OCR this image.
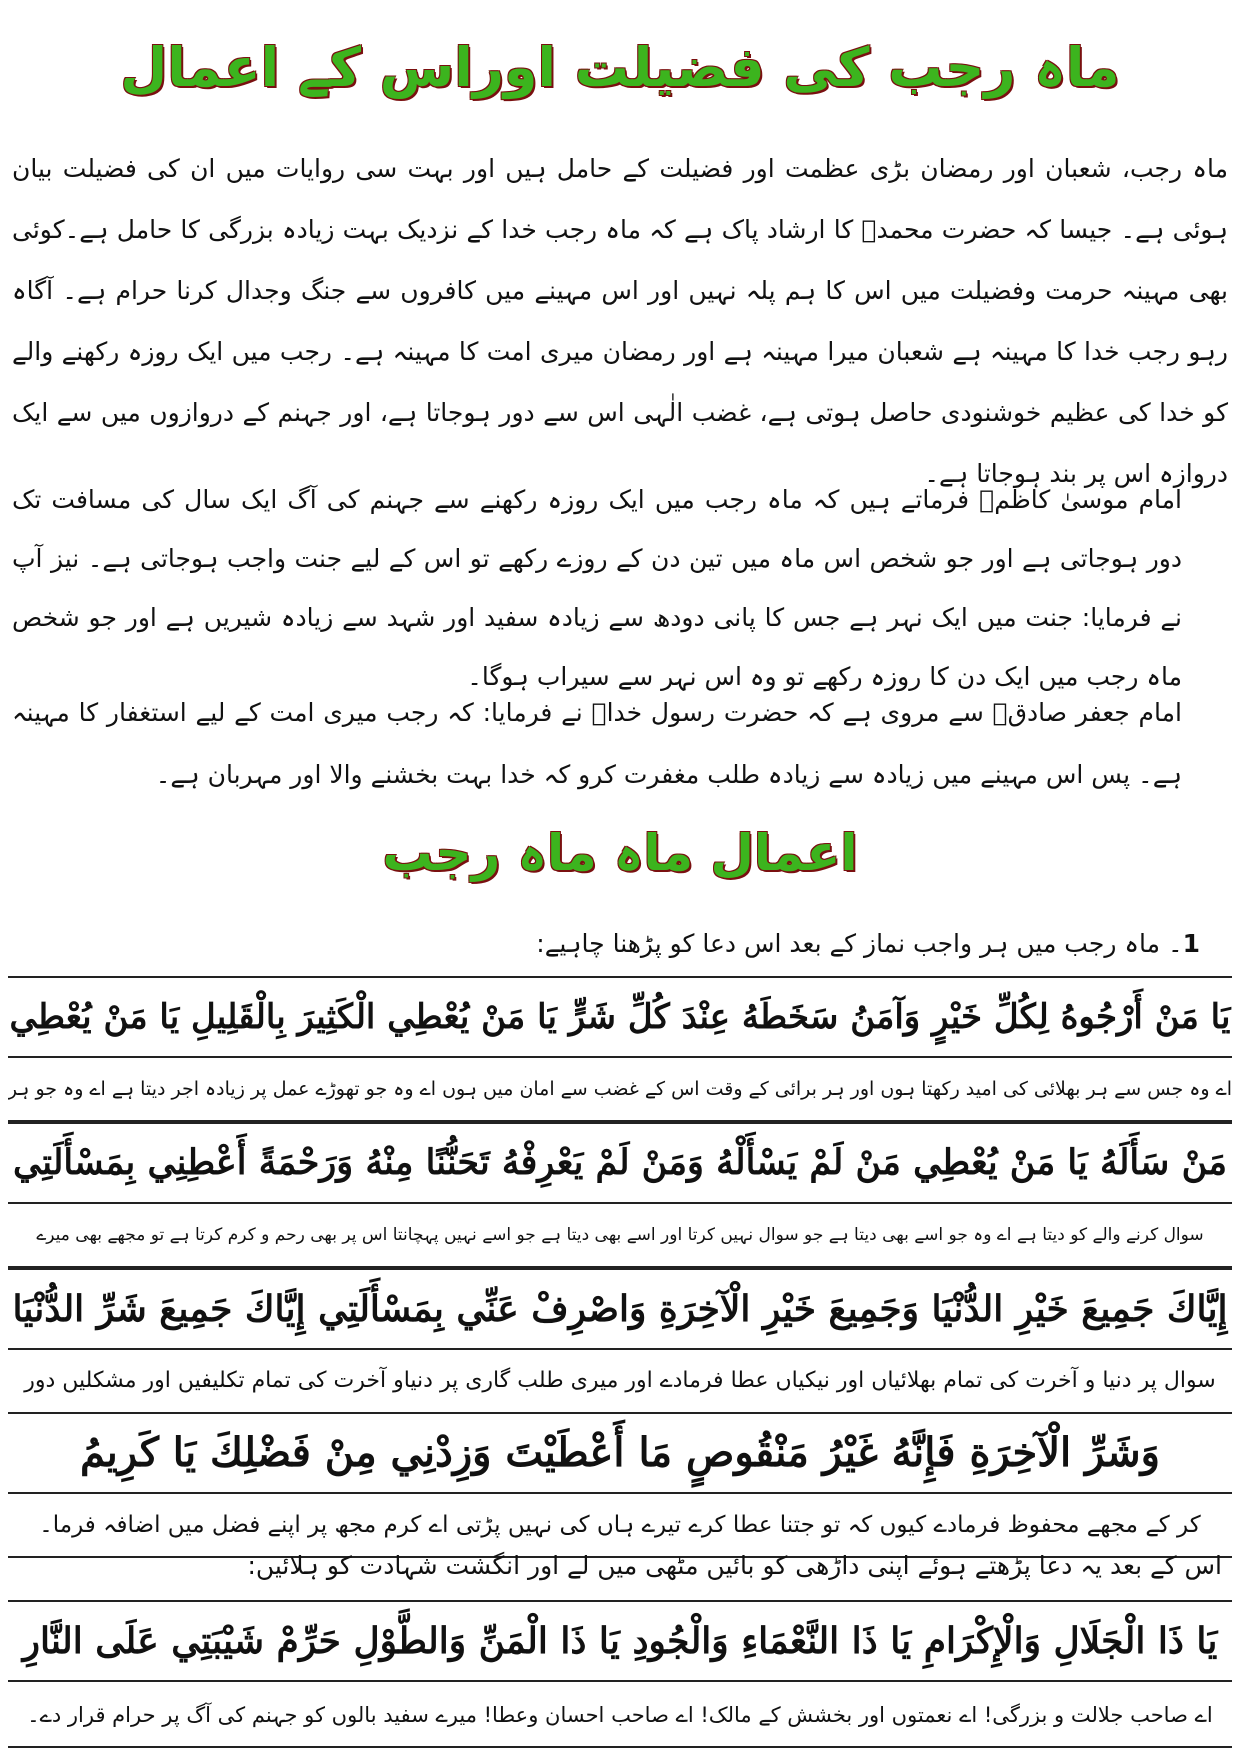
ماہ رجب کی فضیلت اوراس کے اعمال

ماہ رجب، شعبان اور رمضان بڑی عظمت اور فضیلت کے حامل ہیں اور بہت سی روایات میں ان کی فضیلت بیان ہوئی ہے۔ جیسا کہ حضرت محمدؐ کا ارشاد پاک ہے کہ ماہ رجب خدا کے نزدیک بہت زیادہ بزرگی کا حامل ہے۔کوئی بھی مہینہ حرمت وفضیلت میں اس کا ہم پلہ نہیں اور اس مہینے میں کافروں سے جنگ وجدال کرنا حرام ہے۔ آگاہ رہو رجب خدا کا مہینہ ہے شعبان میرا مہینہ ہے اور رمضان میری امت کا مہینہ ہے۔ رجب میں ایک روزہ رکھنے والے کو خدا کی عظیم خوشنودی حاصل ہوتی ہے، غضب الٰہی اس سے دور ہوجاتا ہے، اور جہنم کے دروازوں میں سے ایک دروازہ اس پر بند ہوجاتا ہے۔

امام موسیٰ کاظمؑ فرماتے ہیں کہ ماہ رجب میں ایک روزہ رکھنے سے جہنم کی آگ ایک سال کی مسافت تک دور ہوجاتی ہے اور جو شخص اس ماہ میں تین دن کے روزے رکھے تو اس کے لیے جنت واجب ہوجاتی ہے۔ نیز آپ نے فرمایا: جنت میں ایک نہر ہے جس کا پانی دودھ سے زیادہ سفید اور شہد سے زیادہ شیریں ہے اور جو شخص ماہ رجب میں ایک دن کا روزہ رکھے تو وہ اس نہر سے سیراب ہوگا۔

امام جعفر صادقؑ سے مروی ہے کہ حضرت رسول خداؐ نے فرمایا: کہ رجب میری امت کے لیے استغفار کا مہینہ ہے۔ پس اس مہینے میں زیادہ سے زیادہ طلب مغفرت کرو کہ خدا بہت بخشنے والا اور مہربان ہے۔

اعمال ماہ ماہ رجب
1۔ ماہ رجب میں ہر واجب نماز کے بعد اس دعا کو پڑھنا چاہیے:
يَا مَنْ أَرْجُوهُ لِكُلِّ خَيْرٍ وَآمَنُ سَخَطَهُ عِنْدَ كُلِّ شَرٍّ يَا مَنْ يُعْطِي الْكَثِيرَ بِالْقَلِيلِ يَا مَنْ يُعْطِي
اے وہ جس سے ہر بھلائی کی امید رکھتا ہوں اور ہر برائی کے وقت اس کے غضب سے امان میں ہوں اے وہ جو تھوڑے عمل پر زیادہ اجر دیتا ہے اے وہ جو ہر
مَنْ سَأَلَهُ يَا مَنْ يُعْطِي مَنْ لَمْ يَسْأَلْهُ وَمَنْ لَمْ يَعْرِفْهُ تَحَنُّنًا مِنْهُ وَرَحْمَةً أَعْطِنِي بِمَسْأَلَتِي
سوال کرنے والے کو دیتا ہے اے وہ جو اسے بھی دیتا ہے جو سوال نہیں کرتا اور اسے بھی دیتا ہے جو اسے نہیں پہچانتا اس پر بھی رحم و کرم کرتا ہے تو مجھے بھی میرے
إِيَّاكَ جَمِيعَ خَيْرِ الدُّنْيَا وَجَمِيعَ خَيْرِ الْآخِرَةِ وَاصْرِفْ عَنِّي بِمَسْأَلَتِي إِيَّاكَ جَمِيعَ شَرِّ الدُّنْيَا
سوال پر دنیا و آخرت کی تمام بھلائیاں اور نیکیاں عطا فرمادے اور میری طلب گاری پر دنیاو آخرت کی تمام تکلیفیں اور مشکلیں دور
وَشَرِّ الْآخِرَةِ فَإِنَّهُ غَيْرُ مَنْقُوصٍ مَا أَعْطَيْتَ وَزِدْنِي مِنْ فَضْلِكَ يَا كَرِيمُ
کر کے مجھے محفوظ فرمادے کیوں کہ تو جتنا عطا کرے تیرے ہاں کی نہیں پڑتی اے کرم مجھ پر اپنے فضل میں اضافہ فرما۔
اس کے بعد یہ دعا پڑھتے ہوئے اپنی داڑھی کو بائیں مٹھی میں لے اور انگشت شہادت کو ہلائیں:
يَا ذَا الْجَلَالِ وَالْإِكْرَامِ يَا ذَا النَّعْمَاءِ وَالْجُودِ يَا ذَا الْمَنِّ وَالطَّوْلِ حَرِّمْ شَيْبَتِي عَلَى النَّارِ
اے صاحب جلالت و بزرگی! اے نعمتوں اور بخشش کے مالک! اے صاحب احسان وعطا! میرے سفید بالوں کو جہنم کی آگ پر حرام قرار دے۔
